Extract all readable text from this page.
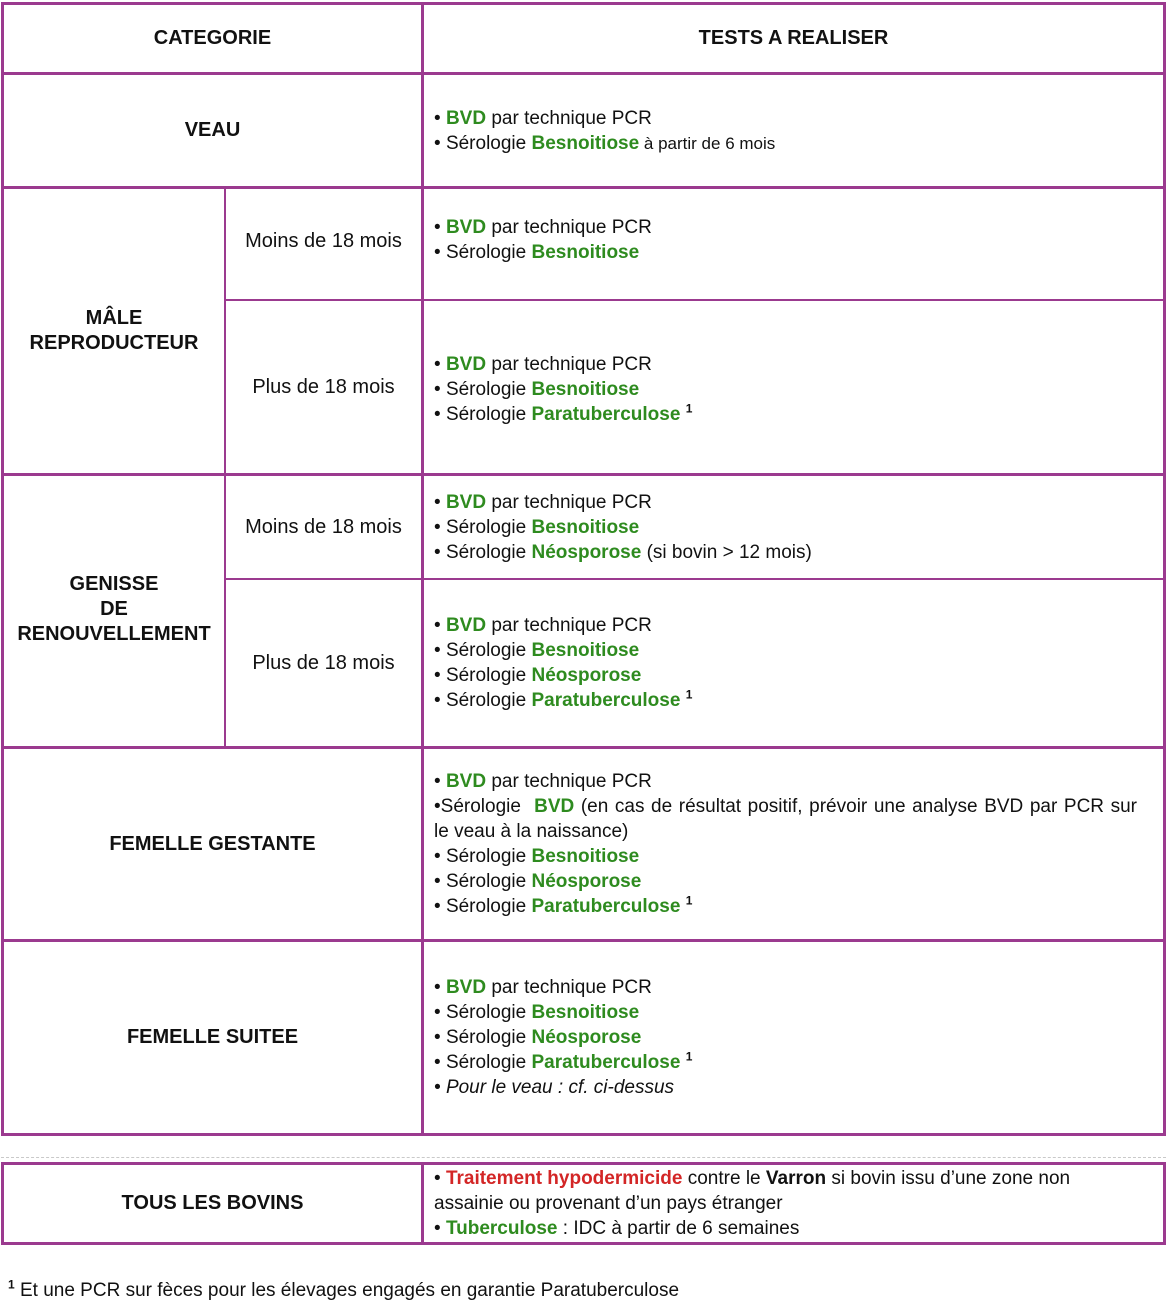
CATEGORIE	TESTS A REALISER
VEAU
• BVD par technique PCR
• Sérologie Besnoitiose à partir de 6 mois
MÂLE
REPRODUCTEUR
Moins de 18 mois
• BVD par technique PCR
• Sérologie Besnoitiose
Plus de 18 mois
• BVD par technique PCR
• Sérologie Besnoitiose
• Sérologie Paratuberculose $^1$
GENISSE
DE
RENOUVELLEMENT
Moins de 18 mois
• BVD par technique PCR
• Sérologie Besnoitiose
• Sérologie Néosporose (si bovin > 12 mois)
Plus de 18 mois
• BVD par technique PCR
• Sérologie Besnoitiose
• Sérologie Néosporose
• Sérologie Paratuberculose $^1$
FEMELLE GESTANTE
• BVD par technique PCR
•Sérologie  BVD (en cas de résultat positif, prévoir une analyse BVD par PCR sur le veau à la naissance)
• Sérologie Besnoitiose
• Sérologie Néosporose
• Sérologie Paratuberculose $^1$
FEMELLE SUITEE
• BVD par technique PCR
• Sérologie Besnoitiose
• Sérologie Néosporose
• Sérologie Paratuberculose $^1$
• Pour le veau : cf. ci-dessus
TOUS LES BOVINS
• Traitement hypodermicide contre le Varron si bovin issu d’une zone non assainie ou provenant d’un pays étranger
• Tuberculose : IDC à partir de 6 semaines
$^1$ Et une PCR sur fèces pour les élevages engagés en garantie Paratuberculose
